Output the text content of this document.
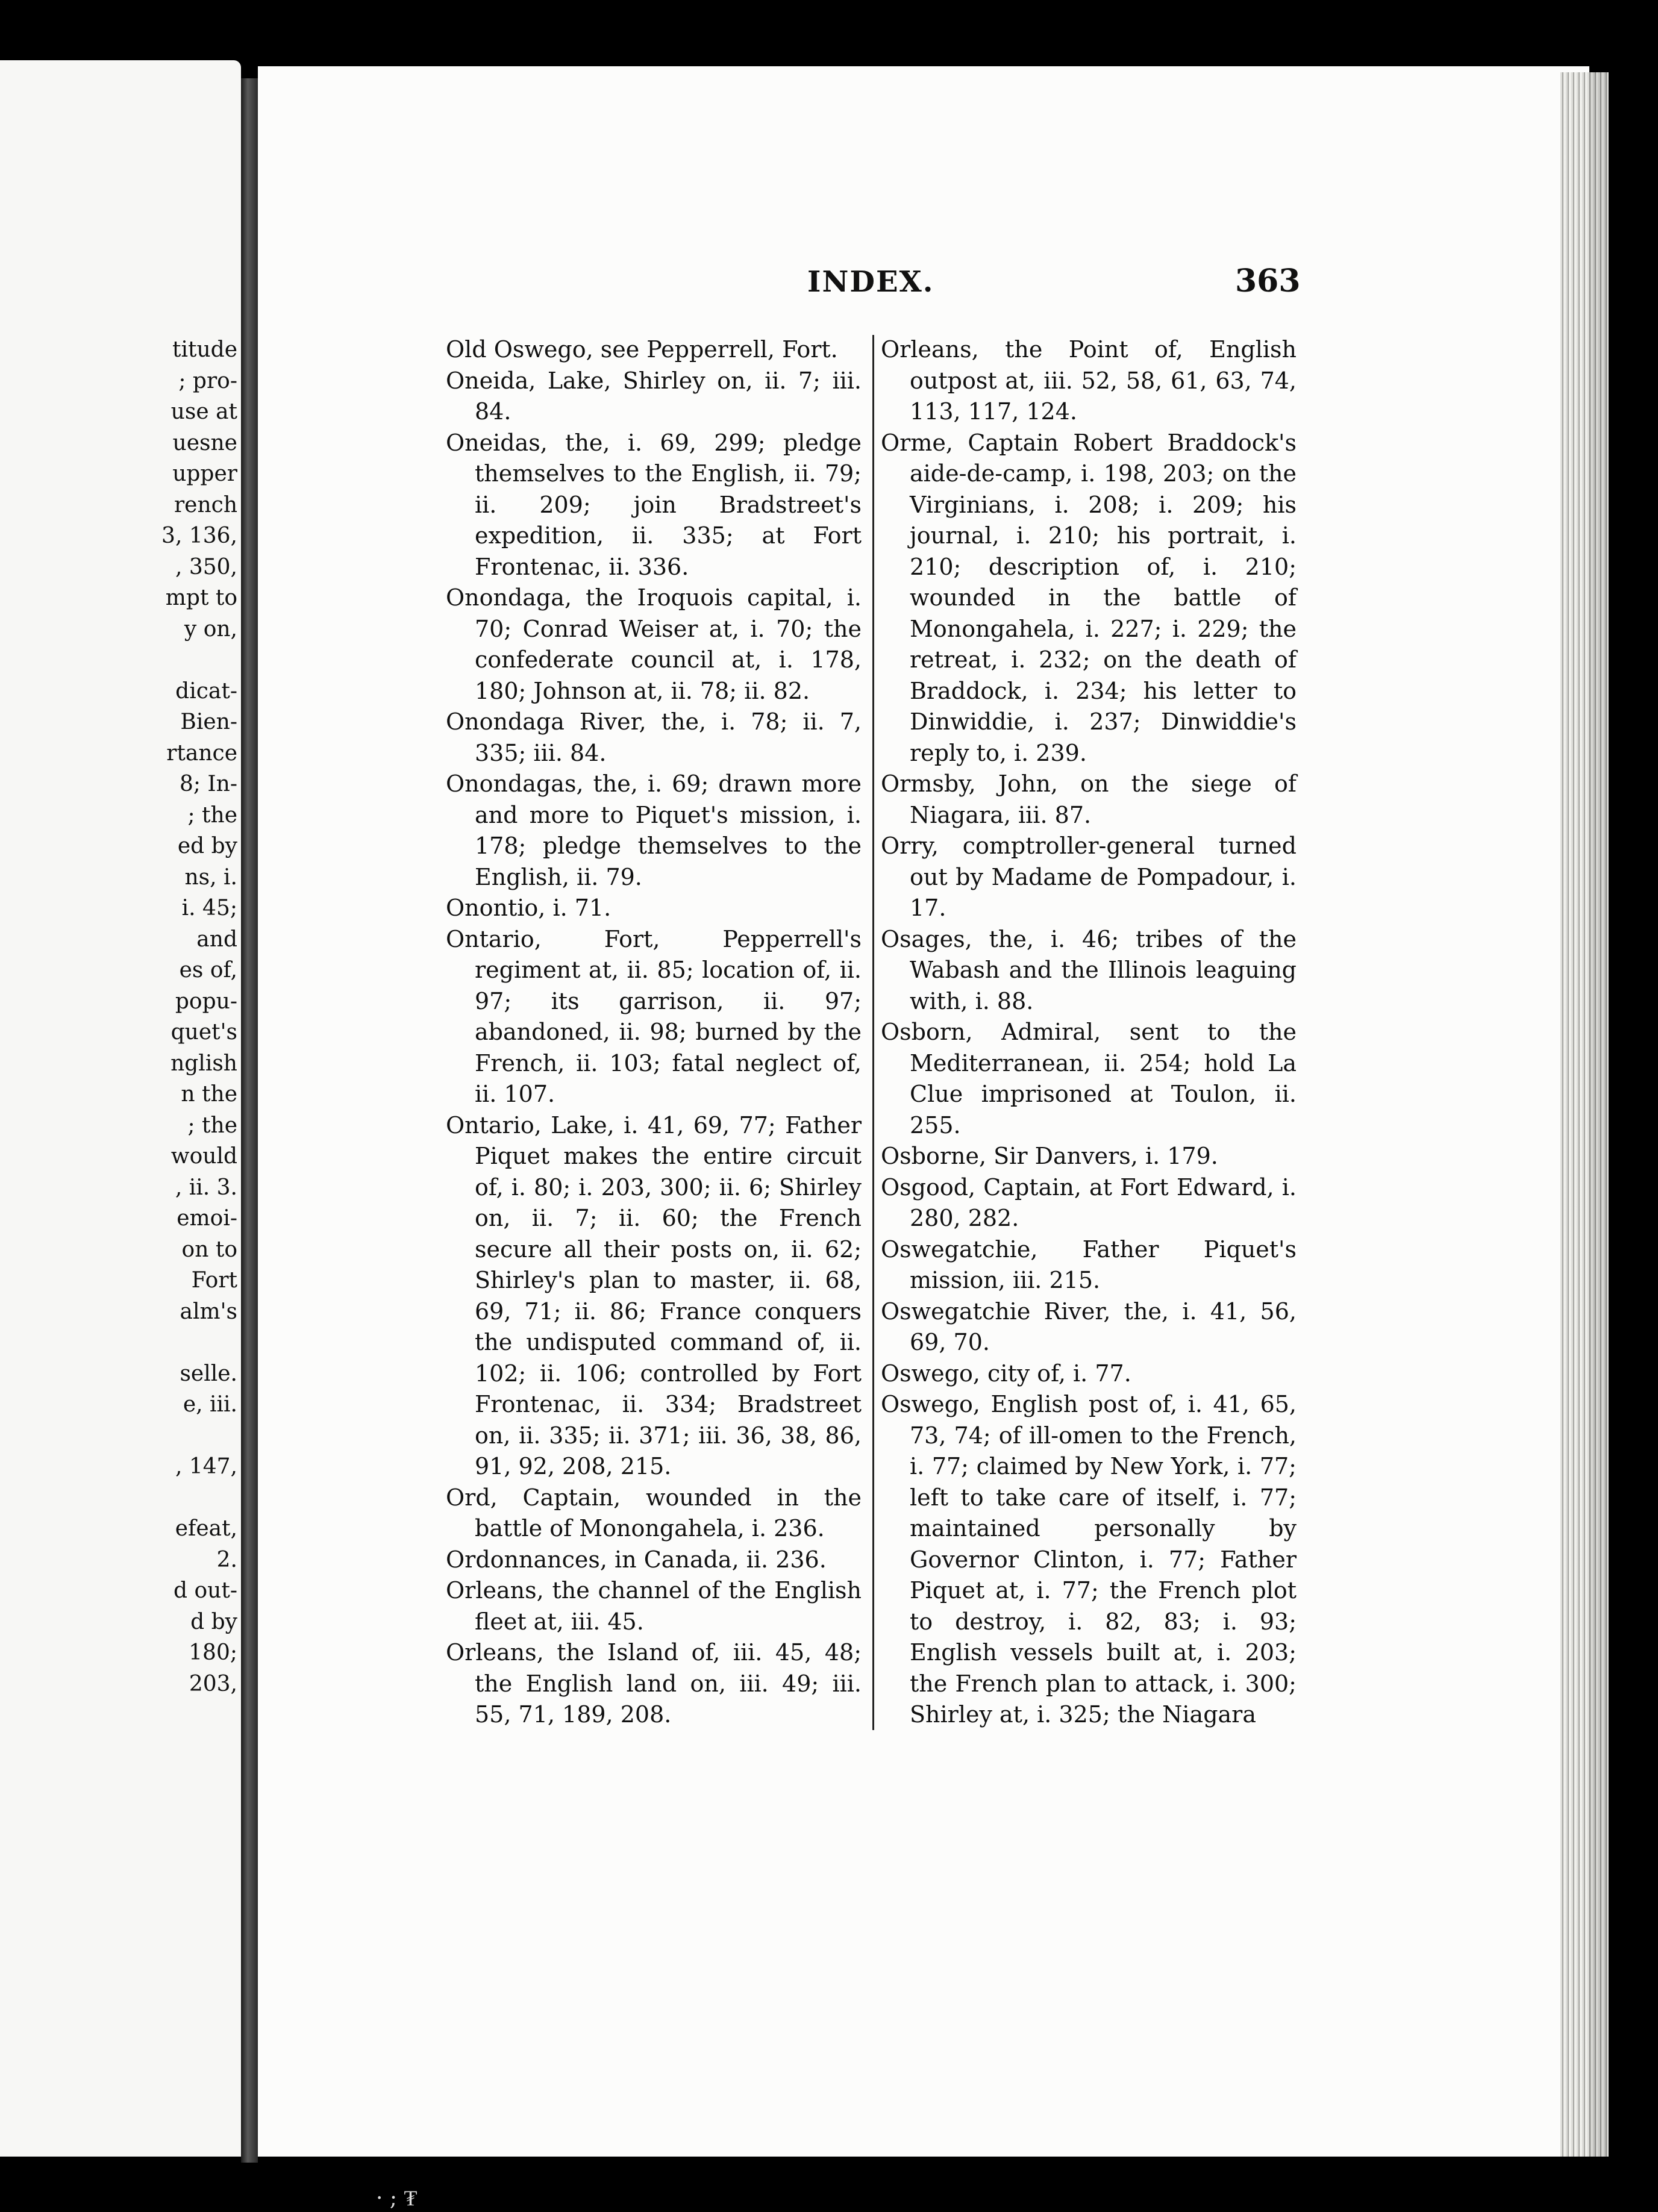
titude
; pro-
use at
uesne
upper
rench
3, 136,
, 350,
mpt to
y on,
dicat-
Bien-
rtance
8; In-
; the
ed by
ns, i.
i. 45;
and
es of,
popu-
quet's
nglish
n the
; the
would
, ii. 3.
emoi-
on to
Fort
alm's
selle.
e, iii.
, 147,
efeat,
2.
d out-
d by
180;
203,
INDEX.	363
Old Oswego, see Pepperrell, Fort.
Oneida, Lake, Shirley on, ii. 7; iii. 84.
Oneidas, the, i. 69, 299; pledge themselves to the English, ii. 79; ii. 209; join Bradstreet's expedition, ii. 335; at Fort Frontenac, ii. 336.
Onondaga, the Iroquois capital, i. 70; Conrad Weiser at, i. 70; the confederate council at, i. 178, 180; Johnson at, ii. 78; ii. 82.
Onondaga River, the, i. 78; ii. 7, 335; iii. 84.
Onondagas, the, i. 69; drawn more and more to Piquet's mission, i. 178; pledge themselves to the English, ii. 79.
Onontio, i. 71.
Ontario, Fort, Pepperrell's regiment at, ii. 85; location of, ii. 97; its garrison, ii. 97; abandoned, ii. 98; burned by the French, ii. 103; fatal neglect of, ii. 107.
Ontario, Lake, i. 41, 69, 77; Father Piquet makes the entire circuit of, i. 80; i. 203, 300; ii. 6; Shirley on, ii. 7; ii. 60; the French secure all their posts on, ii. 62; Shirley's plan to master, ii. 68, 69, 71; ii. 86; France conquers the undisputed command of, ii. 102; ii. 106; controlled by Fort Frontenac, ii. 334; Bradstreet on, ii. 335; ii. 371; iii. 36, 38, 86, 91, 92, 208, 215.
Ord, Captain, wounded in the battle of Monongahela, i. 236.
Ordonnances, in Canada, ii. 236.
Orleans, the channel of the English fleet at, iii. 45.
Orleans, the Island of, iii. 45, 48; the English land on, iii. 49; iii. 55, 71, 189, 208.
Orleans, the Point of, English outpost at, iii. 52, 58, 61, 63, 74, 113, 117, 124.
Orme, Captain Robert Braddock's aide-de-camp, i. 198, 203; on the Virginians, i. 208; i. 209; his journal, i. 210; his portrait, i. 210; description of, i. 210; wounded in the battle of Monongahela, i. 227; i. 229; the retreat, i. 232; on the death of Braddock, i. 234; his letter to Dinwiddie, i. 237; Dinwiddie's reply to, i. 239.
Ormsby, John, on the siege of Niagara, iii. 87.
Orry, comptroller-general turned out by Madame de Pompadour, i. 17.
Osages, the, i. 46; tribes of the Wabash and the Illinois leaguing with, i. 88.
Osborn, Admiral, sent to the Mediterranean, ii. 254; hold La Clue imprisoned at Toulon, ii. 255.
Osborne, Sir Danvers, i. 179.
Osgood, Captain, at Fort Edward, i. 280, 282.
Oswegatchie, Father Piquet's mission, iii. 215.
Oswegatchie River, the, i. 41, 56, 69, 70.
Oswego, city of, i. 77.
Oswego, English post of, i. 41, 65, 73, 74; of ill-omen to the French, i. 77; claimed by New York, i. 77; left to take care of itself, i. 77; maintained personally by Governor Clinton, i. 77; Father Piquet at, i. 77; the French plot to destroy, i. 82, 83; i. 93; English vessels built at, i. 203; the French plan to attack, i. 300; Shirley at, i. 325; the Niagara
· ; ₮
